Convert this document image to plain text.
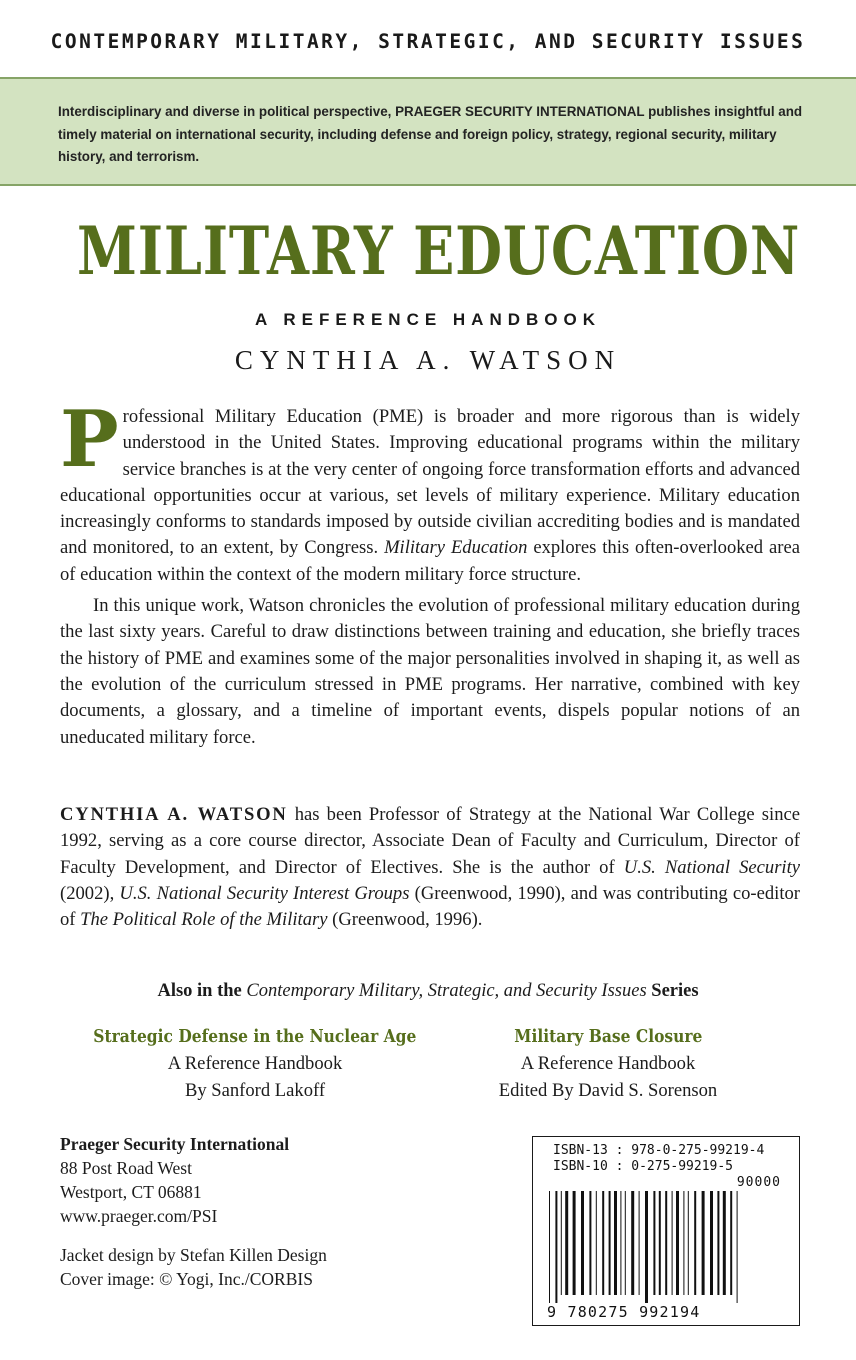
CONTEMPORARY MILITARY, STRATEGIC, AND SECURITY ISSUES

Interdisciplinary and diverse in political perspective, PRAEGER SECURITY INTERNATIONAL publishes insightful and timely material on international security, including defense and foreign policy, strategy, regional security, military history, and terrorism.

MILITARY EDUCATION
A REFERENCE HANDBOOK
CYNTHIA A. WATSON

Professional Military Education (PME) is broader and more rigorous than is widely understood in the United States. Improving educational programs within the military service branches is at the very center of ongoing force transformation efforts and advanced educational opportunities occur at various, set levels of military experience. Military education increasingly conforms to standards imposed by outside civilian accrediting bodies and is mandated and monitored, to an extent, by Congress. Military Education explores this often-overlooked area of education within the context of the modern military force structure.

In this unique work, Watson chronicles the evolution of professional military education during the last sixty years. Careful to draw distinctions between training and education, she briefly traces the history of PME and examines some of the major personalities involved in shaping it, as well as the evolution of the curriculum stressed in PME programs. Her narrative, combined with key documents, a glossary, and a timeline of important events, dispels popular notions of an uneducated military force.

CYNTHIA A. WATSON has been Professor of Strategy at the National War College since 1992, serving as a core course director, Associate Dean of Faculty and Curriculum, Director of Faculty Development, and Director of Electives. She is the author of U.S. National Security (2002), U.S. National Security Interest Groups (Greenwood, 1990), and was contributing co-editor of The Political Role of the Military (Greenwood, 1996).

Also in the Contemporary Military, Strategic, and Security Issues Series
Strategic Defense in the Nuclear Age
A Reference Handbook
By Sanford Lakoff
Military Base Closure
A Reference Handbook
Edited By David S. Sorenson
Praeger Security International
88 Post Road West
Westport, CT 06881
www.praeger.com/PSI
Jacket design by Stefan Killen Design
Cover image: © Yogi, Inc./CORBIS
ISBN-13 : 978-0-275-99219-4
ISBN-10 : 0-275-99219-5
90000
9 780275 992194
